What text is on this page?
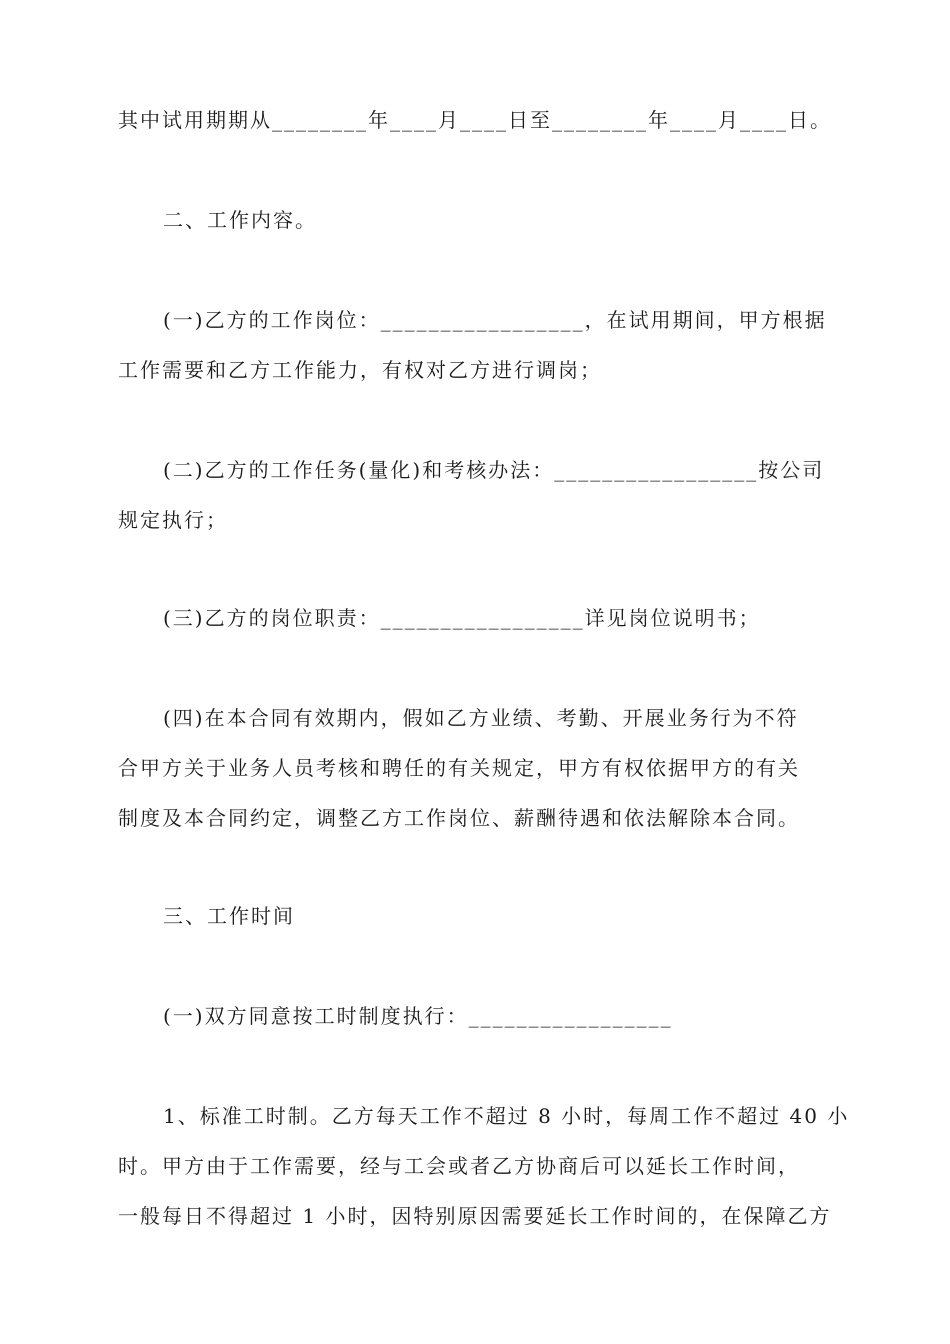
其中试用期期从________年____月____日至________年____月____日。
二、工作内容。
(一)乙方的工作岗位：_________________，在试用期间，甲方根据
工作需要和乙方工作能力，有权对乙方进行调岗；
(二)乙方的工作任务(量化)和考核办法：_________________按公司
规定执行；
(三)乙方的岗位职责：_________________详见岗位说明书；
(四)在本合同有效期内，假如乙方业绩、考勤、开展业务行为不符
合甲方关于业务人员考核和聘任的有关规定，甲方有权依据甲方的有关
制度及本合同约定，调整乙方工作岗位、薪酬待遇和依法解除本合同。
三、工作时间
(一)双方同意按工时制度执行：_________________
1、标准工时制。乙方每天工作不超过 8 小时，每周工作不超过 40 小
时。甲方由于工作需要，经与工会或者乙方协商后可以延长工作时间，
一般每日不得超过 1 小时，因特别原因需要延长工作时间的，在保障乙方
